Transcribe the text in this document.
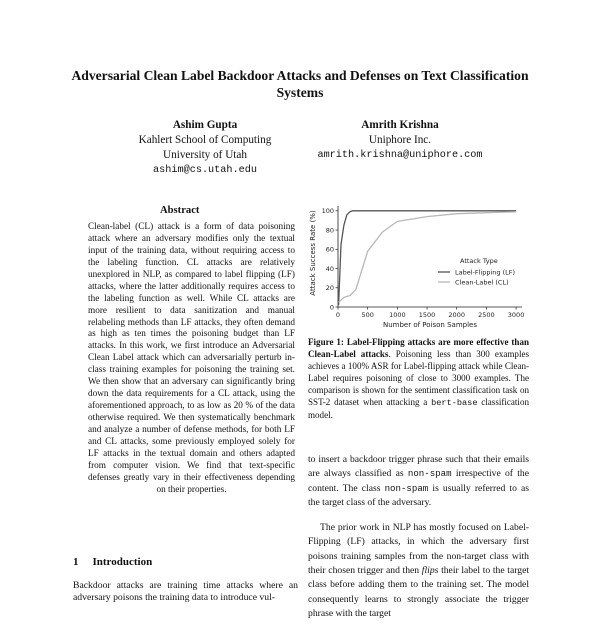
Adversarial Clean Label Backdoor Attacks and Defenses on Text Classification Systems
Ashim Gupta
Kahlert School of Computing
University of Utah
ashim@cs.utah.edu
Amrith Krishna
Uniphore Inc.
amrith.krishna@uniphore.com
Abstract
Clean-label (CL) attack is a form of data poisoning attack where an adversary modifies only the textual input of the training data, without requiring access to the labeling function. CL attacks are relatively unexplored in NLP, as compared to label flipping (LF) attacks, where the latter additionally requires access to the labeling function as well. While CL attacks are more resilient to data sanitization and manual relabeling methods than LF attacks, they often demand as high as ten times the poisoning budget than LF attacks. In this work, we first introduce an Adversarial Clean Label attack which can adversarially perturb in-class training examples for poisoning the training set. We then show that an adversary can significantly bring down the data requirements for a CL attack, using the aforementioned approach, to as low as 20 % of the data otherwise required. We then systematically benchmark and analyze a number of defense methods, for both LF and CL attacks, some previously employed solely for LF attacks in the textual domain and others adapted from computer vision. We find that text-specific defenses greatly vary in their effectiveness depending on their properties.
1 Introduction
Backdoor attacks are training time attacks where an adversary poisons the training data to introduce vul-
0	500 1000 1500 2000 2500 3000
0
20
40
60
80
100
Attack Success Rate (%)
Number of Poison Samples
Attack Type
Label-Flipping (LF)
Clean-Label (CL)
Figure 1: Label-Flipping attacks are more effective than Clean-Label attacks. Poisoning less than 300 examples achieves a 100% ASR for Label-flipping attack while Clean-Label requires poisoning of close to 3000 examples. The comparison is shown for the sentiment classification task on SST-2 dataset when attacking a bert-base classification model.

to insert a backdoor trigger phrase such that their emails are always classified as non-spam irrespective of the content. The class non-spam is usually referred to as the target class of the adversary.

The prior work in NLP has mostly focused on Label-Flipping (LF) attacks, in which the adversary first poisons training samples from the non-target class with their chosen trigger and then flips their label to the target class before adding them to the training set. The model consequently learns to strongly associate the trigger phrase with the target
